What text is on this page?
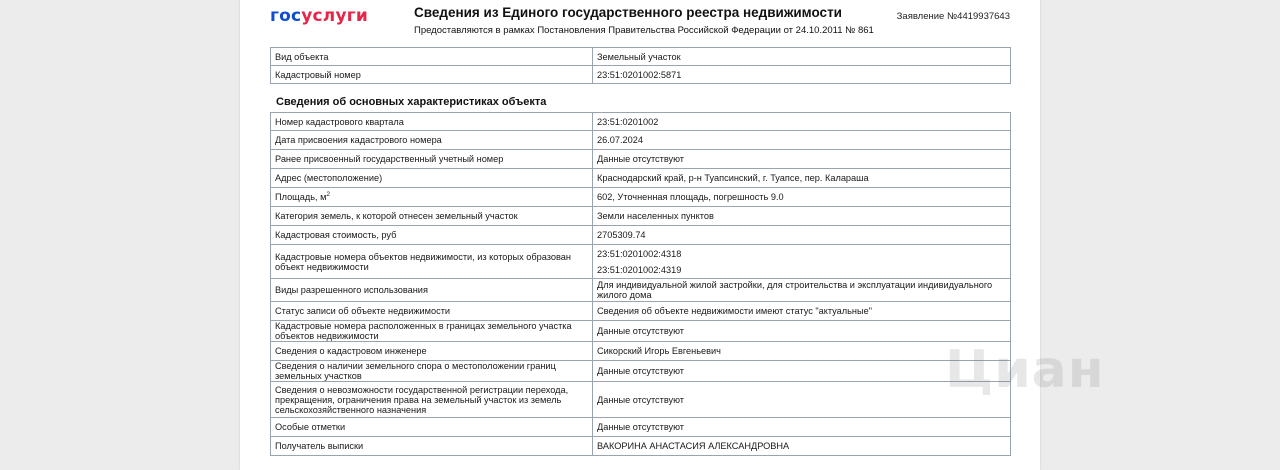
госуслуги	Сведения из Единого государственного реестра недвижимости
Предоставляются в рамках Постановления Правительства Российской Федерации от 24.10.2011 № 861
Заявление №4419937643
Вид объекта	Земельный участок
Кадастровый номер	23:51:0201002:5871
Сведения об основных характеристиках объекта
Номер кадастрового квартала	23:51:0201002
Дата присвоения кадастрового номера	26.07.2024
Ранее присвоенный государственный учетный номер	Данные отсутствуют
Адрес (местоположение)	Краснодарский край, р-н Туапсинский, г. Туапсе, пер. Калараша
Площадь, $м^2$	602, Уточненная площадь, погрешность 9.0
Категория земель, к которой отнесен земельный участок	Земли населенных пунктов
Кадастровая стоимость, руб	2705309.74
Кадастровые номера объектов недвижимости, из которых образован объект недвижимости	23:51:0201002:4318
23:51:0201002:4319

Виды разрешенного использования	Для индивидуальной жилой застройки, для строительства и эксплуатации индивидуального жилого дома
Статус записи об объекте недвижимости	Сведения об объекте недвижимости имеют статус "актуальные"
Кадастровые номера расположенных в границах земельного участка объектов недвижимости	Данные отсутствуют
Сведения о кадастровом инженере	Сикорский Игорь Евгеньевич
Сведения о наличии земельного спора о местоположении границ земельных участков	Данные отсутствуют
Сведения о невозможности государственной регистрации перехода, прекращения, ограничения права на земельный участок из земель сельскохозяйственного назначения	Данные отсутствуют
Особые отметки	Данные отсутствуют
Получатель выписки	ВАКОРИНА АНАСТАСИЯ АЛЕКСАНДРОВНА
Циан
